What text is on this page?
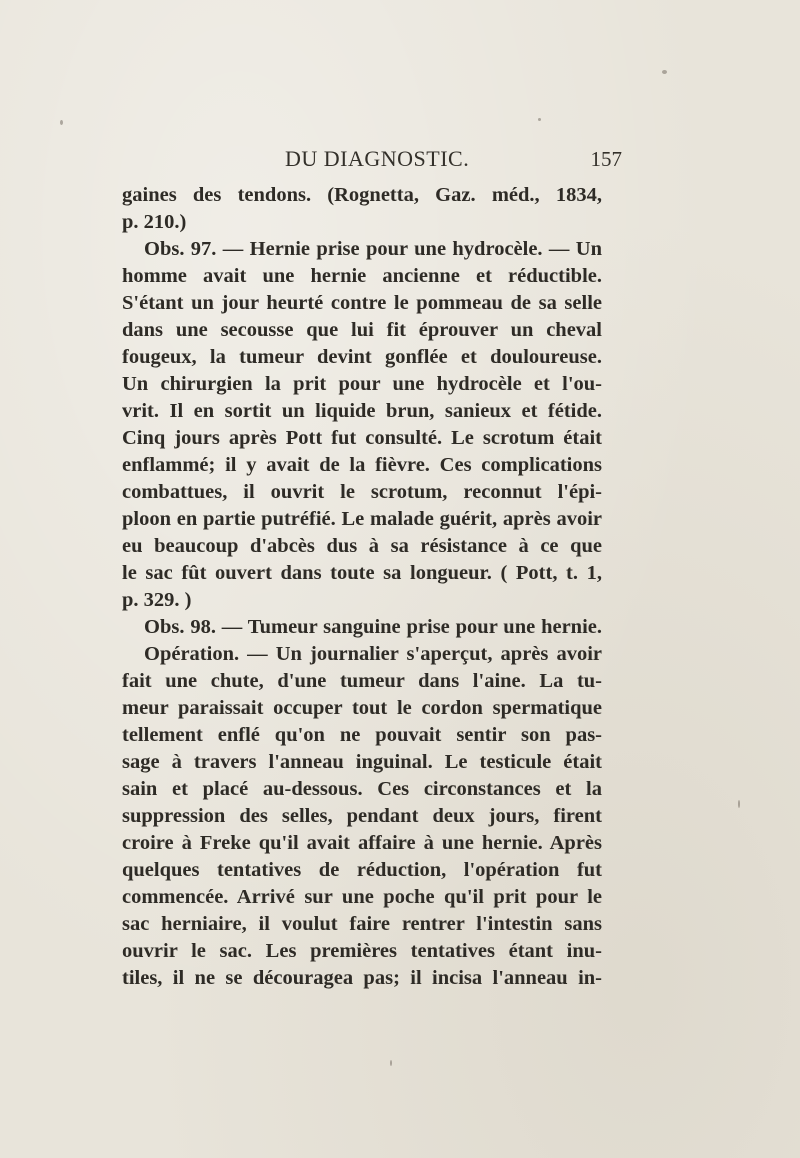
DU DIAGNOSTIC.	157
gaines des tendons. (Rognetta, Gaz. méd., 1834,
p. 210.)
Obs. 97. — Hernie prise pour une hydrocèle. — Un
homme avait une hernie ancienne et réductible.
S'étant un jour heurté contre le pommeau de sa selle
dans une secousse que lui fit éprouver un cheval
fougeux, la tumeur devint gonflée et douloureuse.
Un chirurgien la prit pour une hydrocèle et l'ou-
vrit. Il en sortit un liquide brun, sanieux et fétide.
Cinq jours après Pott fut consulté. Le scrotum était
enflammé; il y avait de la fièvre. Ces complications
combattues, il ouvrit le scrotum, reconnut l'épi-
ploon en partie putréfié. Le malade guérit, après avoir
eu beaucoup d'abcès dus à sa résistance à ce que
le sac fût ouvert dans toute sa longueur. ( Pott, t. 1,
p. 329. )
Obs. 98. — Tumeur sanguine prise pour une hernie.
Opération. — Un journalier s'aperçut, après avoir
fait une chute, d'une tumeur dans l'aine. La tu-
meur paraissait occuper tout le cordon spermatique
tellement enflé qu'on ne pouvait sentir son pas-
sage à travers l'anneau inguinal. Le testicule était
sain et placé au-dessous. Ces circonstances et la
suppression des selles, pendant deux jours, firent
croire à Freke qu'il avait affaire à une hernie. Après
quelques tentatives de réduction, l'opération fut
commencée. Arrivé sur une poche qu'il prit pour le
sac herniaire, il voulut faire rentrer l'intestin sans
ouvrir le sac. Les premières tentatives étant inu-
tiles, il ne se découragea pas; il incisa l'anneau in-
